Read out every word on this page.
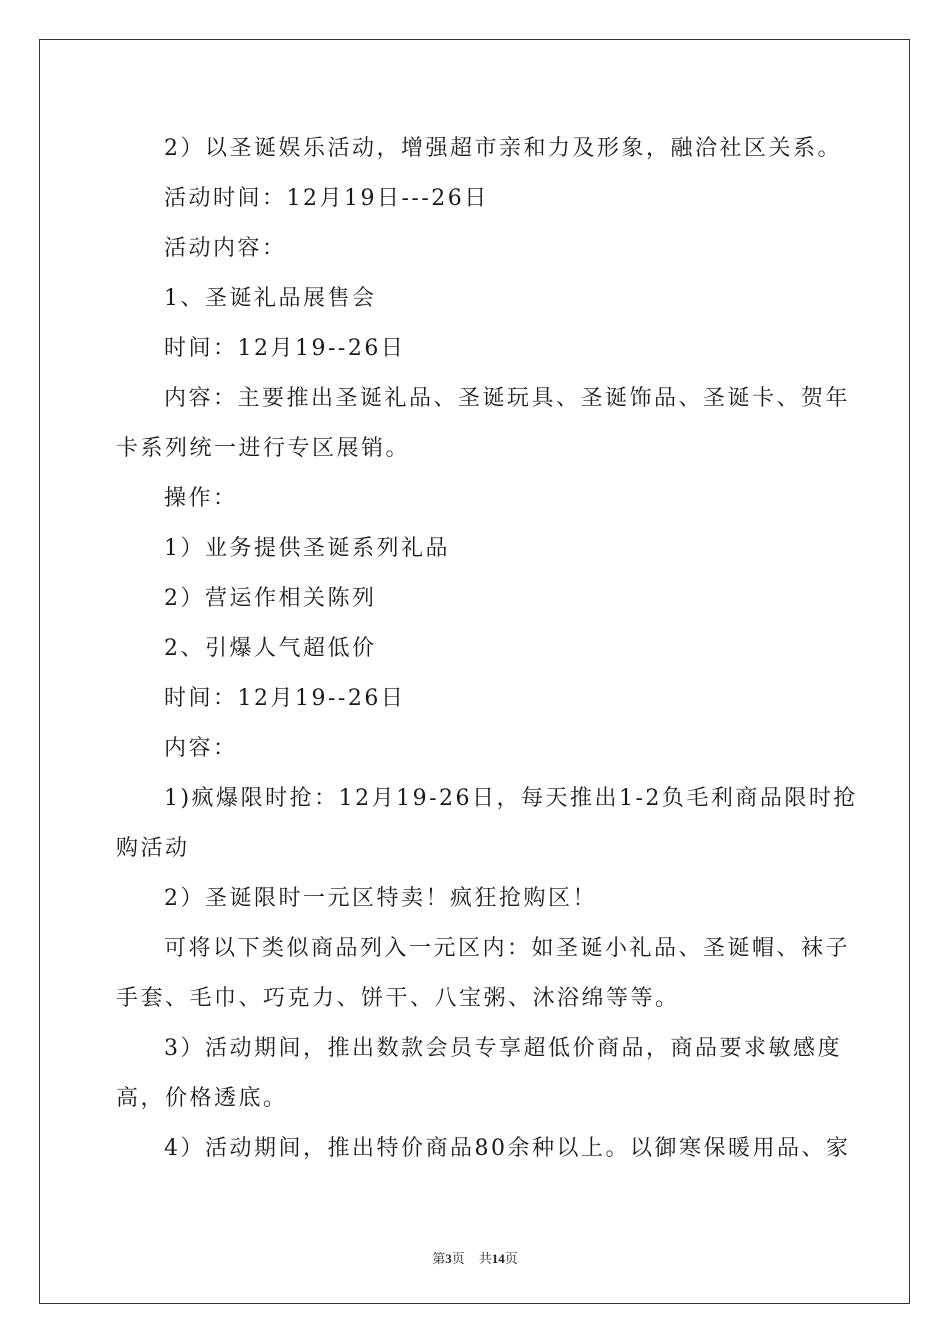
2）以圣诞娱乐活动，增强超市亲和力及形象，融洽社区关系。
活动时间：12月19日---26日
活动内容：
1、圣诞礼品展售会
时间：12月19--26日
内容：主要推出圣诞礼品、圣诞玩具、圣诞饰品、圣诞卡、贺年
卡系列统一进行专区展销。
操作：
1）业务提供圣诞系列礼品
2）营运作相关陈列
2、引爆人气超低价
时间：12月19--26日
内容：
1)疯爆限时抢：12月19-26日，每天推出1-2负毛利商品限时抢
购活动
2）圣诞限时一元区特卖！疯狂抢购区！
可将以下类似商品列入一元区内：如圣诞小礼品、圣诞帽、袜子
手套、毛巾、巧克力、饼干、八宝粥、沐浴绵等等。
3）活动期间，推出数款会员专享超低价商品，商品要求敏感度
高，价格透底。
4）活动期间，推出特价商品80余种以上。以御寒保暖用品、家
第3页 共14页
